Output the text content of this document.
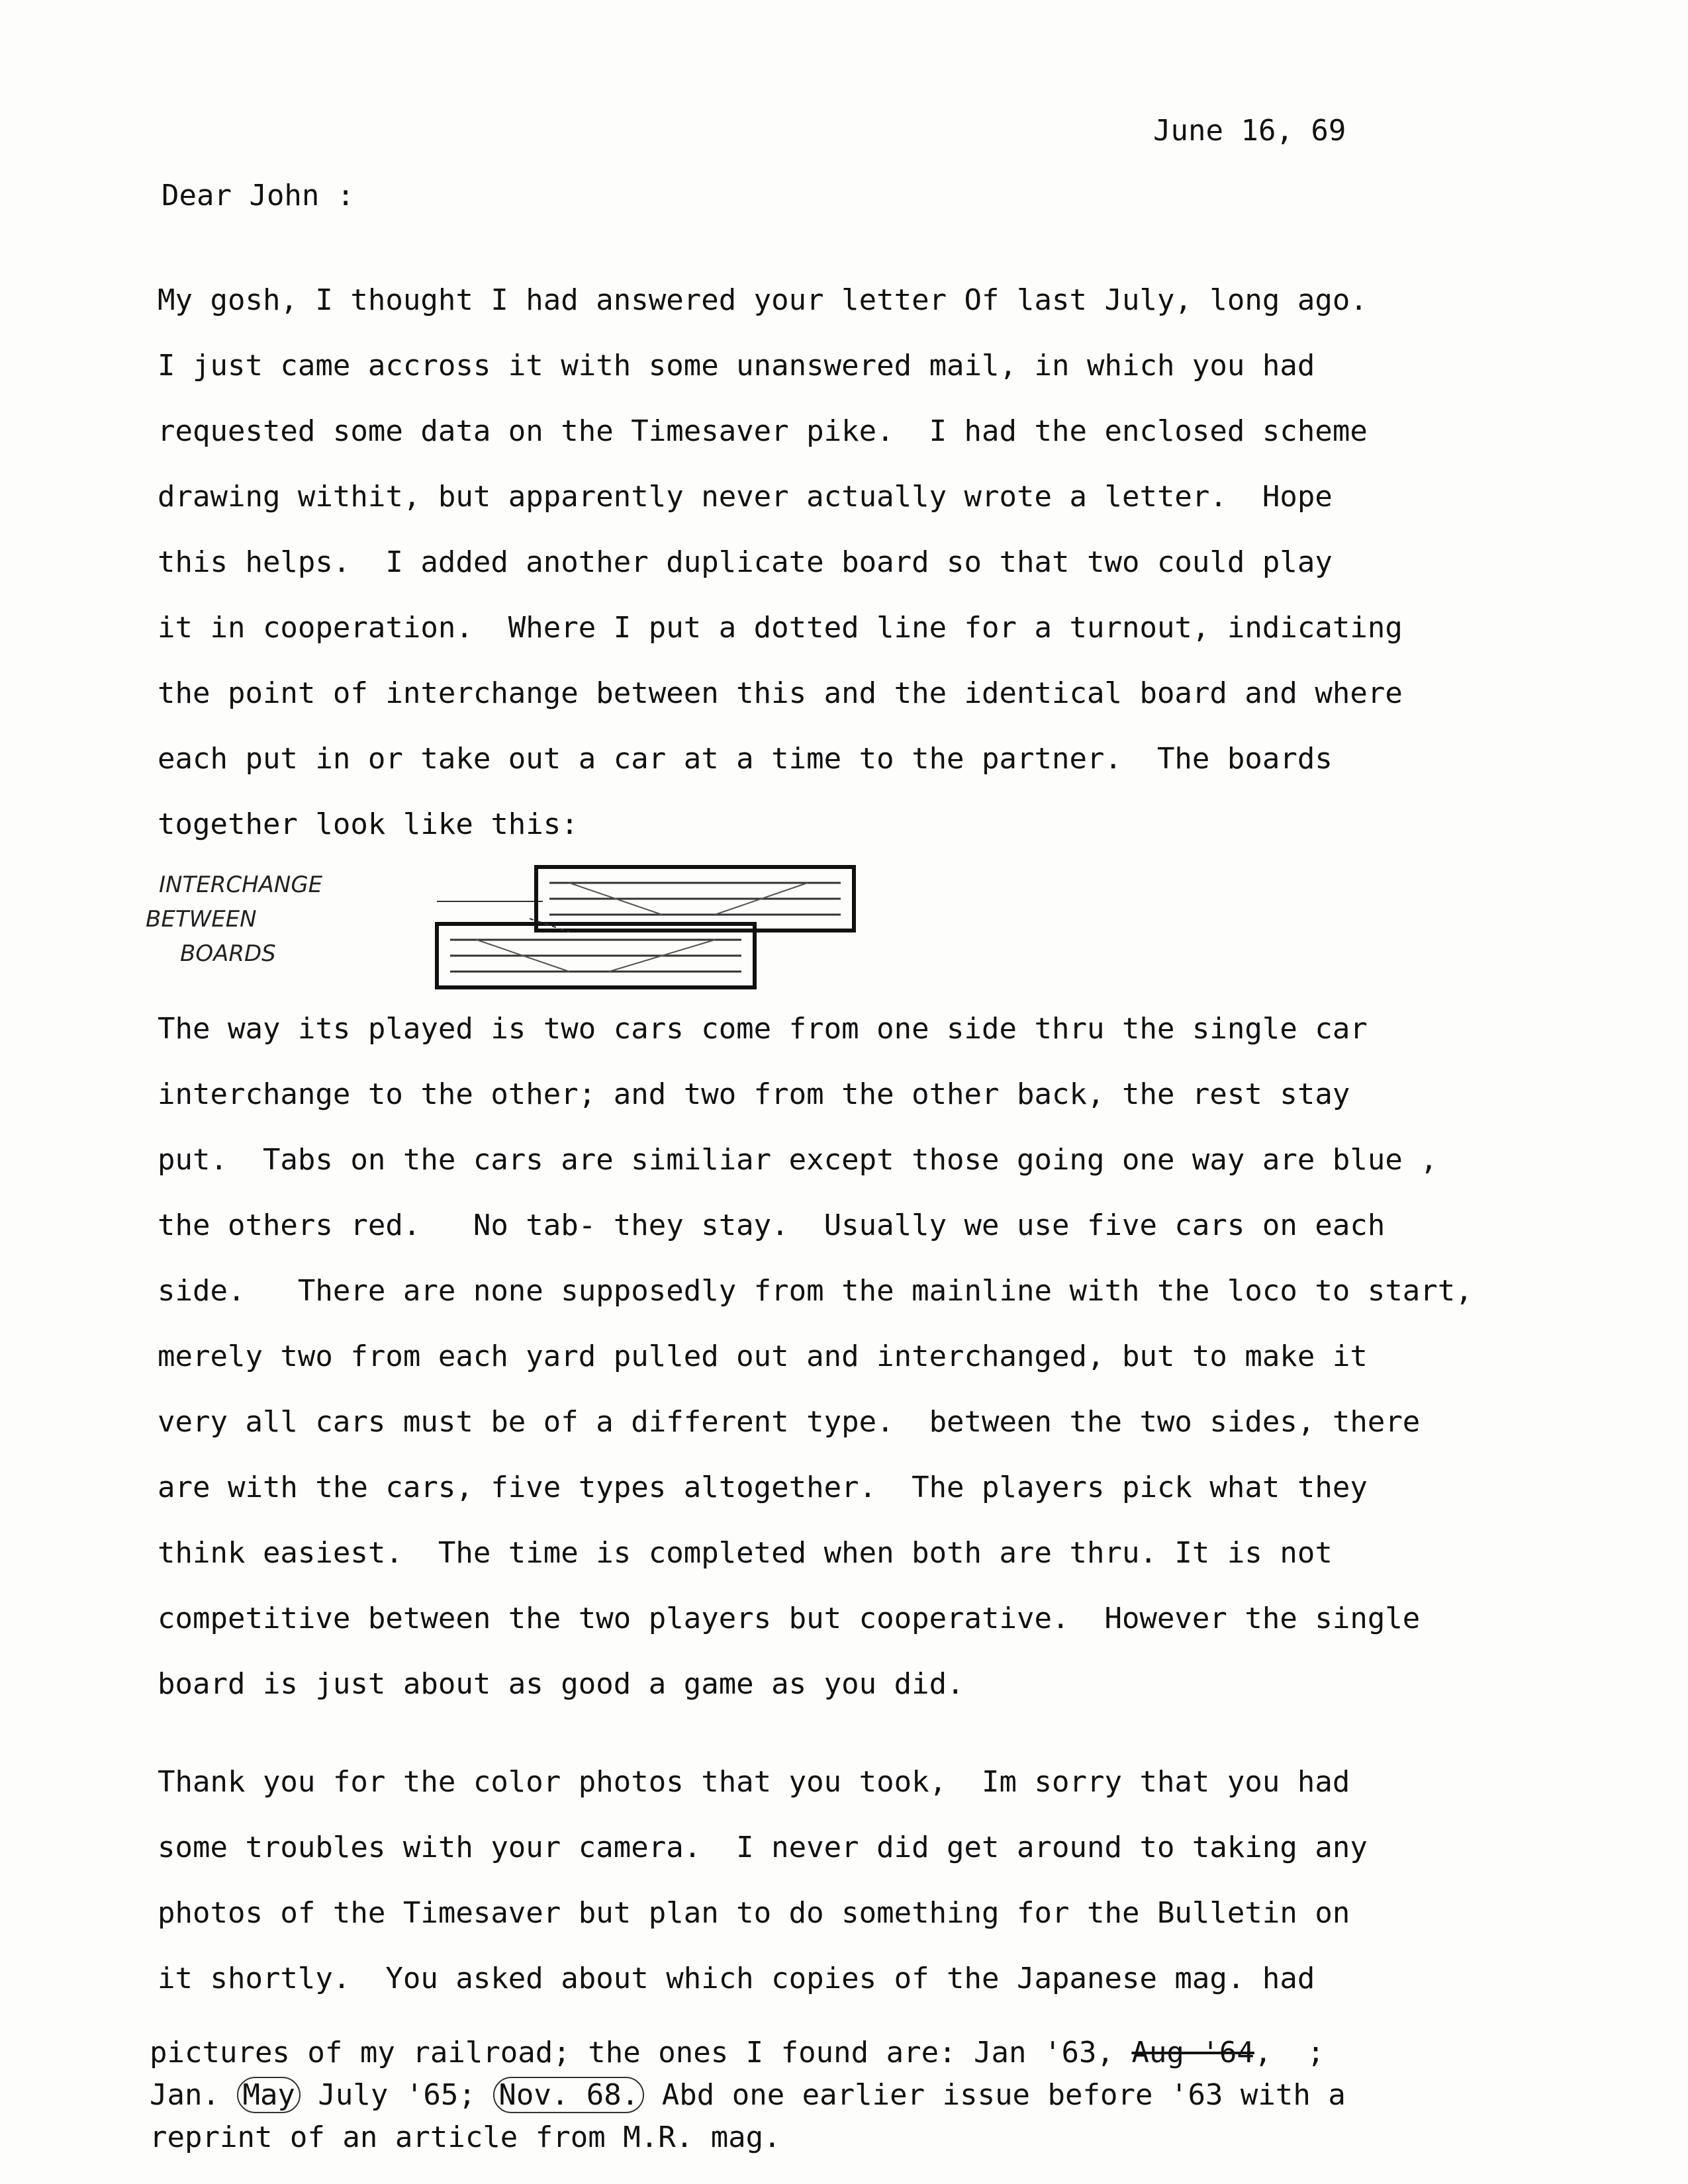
June 16, 69
Dear John :
My gosh, I thought I had answered your letter Of last July, long ago.
I just came accross it with some unanswered mail, in which you had
requested some data on the Timesaver pike.  I had the enclosed scheme
drawing withit, but apparently never actually wrote a letter.  Hope
this helps.  I added another duplicate board so that two could play
it in cooperation.  Where I put a dotted line for a turnout, indicating
the point of interchange between this and the identical board and where
each put in or take out a car at a time to the partner.  The boards
together look like this:
INTERCHANGE
BETWEEN
BOARDS
The way its played is two cars come from one side thru the single car
interchange to the other; and two from the other back, the rest stay
put.  Tabs on the cars are similiar except those going one way are blue ,
the others red.   No tab- they stay.  Usually we use five cars on each
side.   There are none supposedly from the mainline with the loco to start,
merely two from each yard pulled out and interchanged, but to make it
very all cars must be of a different type.  between the two sides, there
are with the cars, five types altogether.  The players pick what they
think easiest.  The time is completed when both are thru. It is not
competitive between the two players but cooperative.  However the single
board is just about as good a game as you did.
Thank you for the color photos that you took,  Im sorry that you had
some troubles with your camera.  I never did get around to taking any
photos of the Timesaver but plan to do something for the Bulletin on
it shortly.  You asked about which copies of the Japanese mag. had
pictures of my railroad; the ones I found are: Jan '63, Aug '64,  ;
Jan. May July '65; Nov. 68. Abd one earlier issue before '63 with a
reprint of an article from M.R. mag.
